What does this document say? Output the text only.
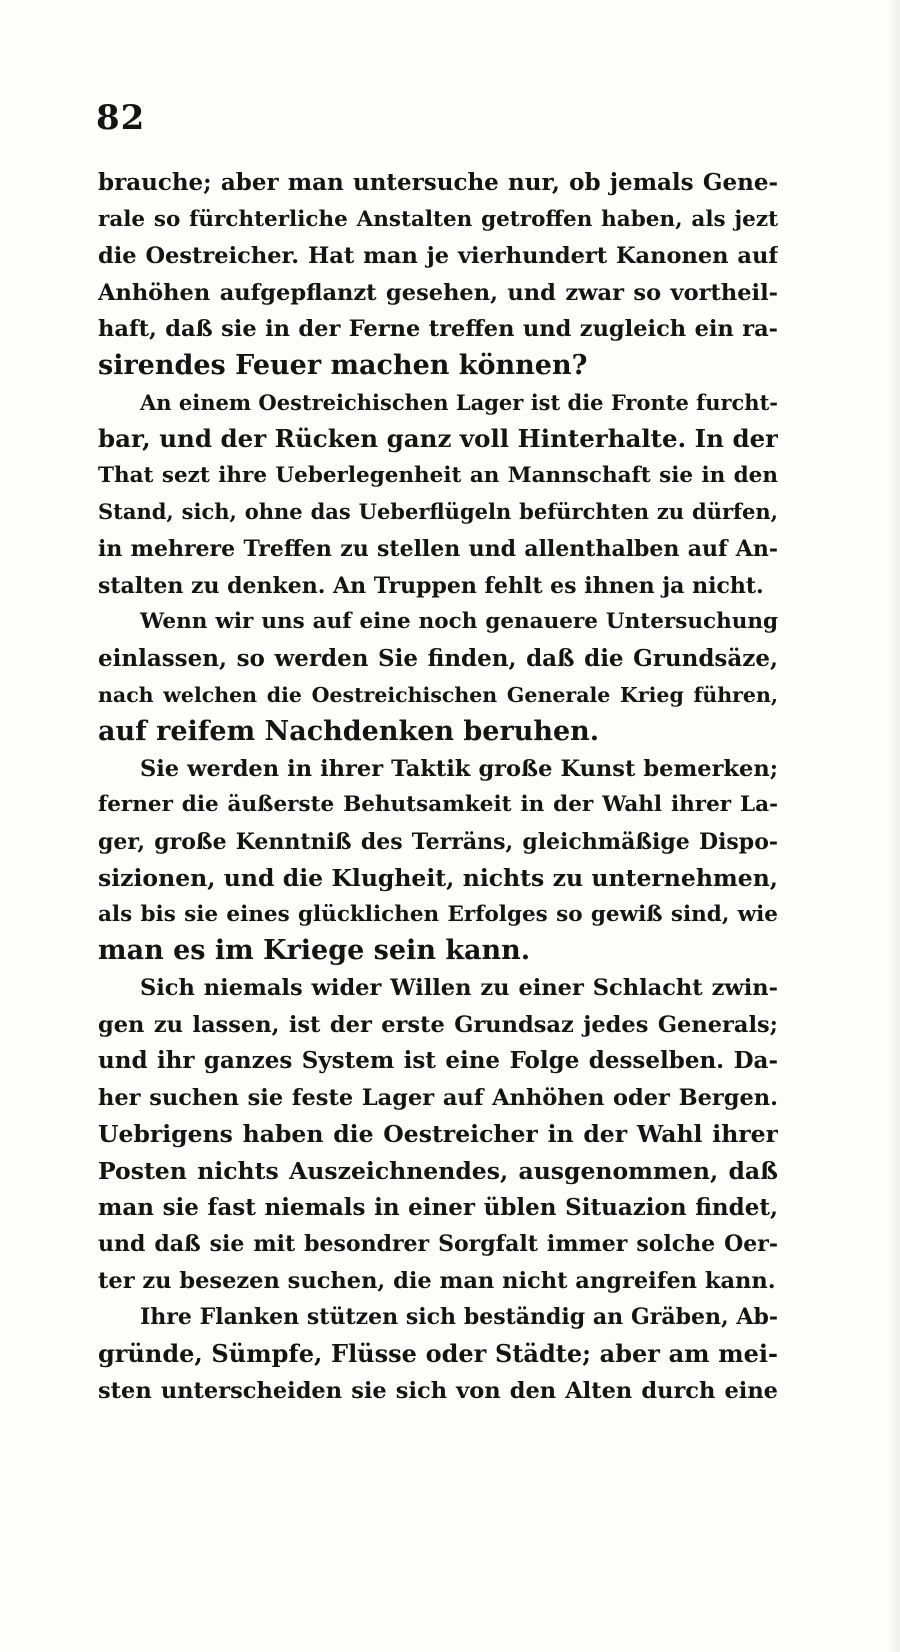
82
brauche; aber man untersuche nur, ob jemals Gene-
rale so fürchterliche Anstalten getroffen haben, als jezt
die Oestreicher. Hat man je vierhundert Kanonen auf
Anhöhen aufgepflanzt gesehen, und zwar so vortheil-
haft, daß sie in der Ferne treffen und zugleich ein ra-
sirendes Feuer machen können?
An einem Oestreichischen Lager ist die Fronte furcht-
bar, und der Rücken ganz voll Hinterhalte. In der
That sezt ihre Ueberlegenheit an Mannschaft sie in den
Stand, sich, ohne das Ueberflügeln befürchten zu dürfen,
in mehrere Treffen zu stellen und allenthalben auf An-
stalten zu denken. An Truppen fehlt es ihnen ja nicht.
Wenn wir uns auf eine noch genauere Untersuchung
einlassen, so werden Sie finden, daß die Grundsäze,
nach welchen die Oestreichischen Generale Krieg führen,
auf reifem Nachdenken beruhen.
Sie werden in ihrer Taktik große Kunst bemerken;
ferner die äußerste Behutsamkeit in der Wahl ihrer La-
ger, große Kenntniß des Terräns, gleichmäßige Dispo-
sizionen, und die Klugheit, nichts zu unternehmen,
als bis sie eines glücklichen Erfolges so gewiß sind, wie
man es im Kriege sein kann.
Sich niemals wider Willen zu einer Schlacht zwin-
gen zu lassen, ist der erste Grundsaz jedes Generals;
und ihr ganzes System ist eine Folge desselben. Da-
her suchen sie feste Lager auf Anhöhen oder Bergen.
Uebrigens haben die Oestreicher in der Wahl ihrer
Posten nichts Auszeichnendes, ausgenommen, daß
man sie fast niemals in einer üblen Situazion findet,
und daß sie mit besondrer Sorgfalt immer solche Oer-
ter zu besezen suchen, die man nicht angreifen kann.
Ihre Flanken stützen sich beständig an Gräben, Ab-
gründe, Sümpfe, Flüsse oder Städte; aber am mei-
sten unterscheiden sie sich von den Alten durch eine
